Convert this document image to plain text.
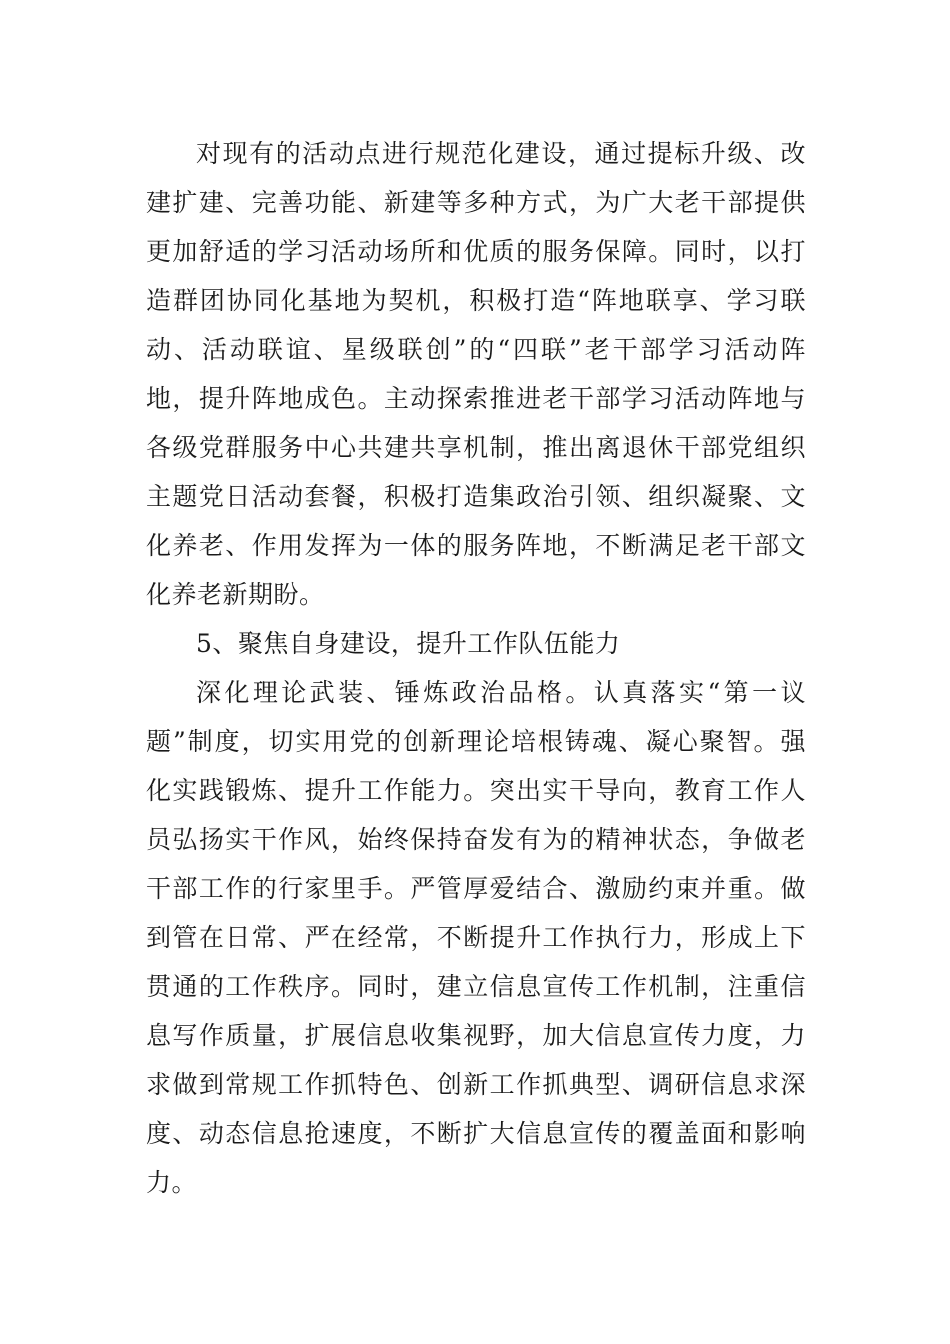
对现有的活动点进行规范化建设，通过提标升级、改
建扩建、完善功能、新建等多种方式，为广大老干部提供
更加舒适的学习活动场所和优质的服务保障。同时，以打
造群团协同化基地为契机，积极打造“阵地联享、学习联
动、活动联谊、星级联创”的“四联”老干部学习活动阵
地，提升阵地成色。主动探索推进老干部学习活动阵地与
各级党群服务中心共建共享机制，推出离退休干部党组织
主题党日活动套餐，积极打造集政治引领、组织凝聚、文
化养老、作用发挥为一体的服务阵地，不断满足老干部文
化养老新期盼。
5、聚焦自身建设，提升工作队伍能力
深化理论武装、锤炼政治品格。认真落实“第一议
题”制度，切实用党的创新理论培根铸魂、凝心聚智。强
化实践锻炼、提升工作能力。突出实干导向，教育工作人
员弘扬实干作风，始终保持奋发有为的精神状态，争做老
干部工作的行家里手。严管厚爱结合、激励约束并重。做
到管在日常、严在经常，不断提升工作执行力，形成上下
贯通的工作秩序。同时，建立信息宣传工作机制，注重信
息写作质量，扩展信息收集视野，加大信息宣传力度，力
求做到常规工作抓特色、创新工作抓典型、调研信息求深
度、动态信息抢速度，不断扩大信息宣传的覆盖面和影响
力。
